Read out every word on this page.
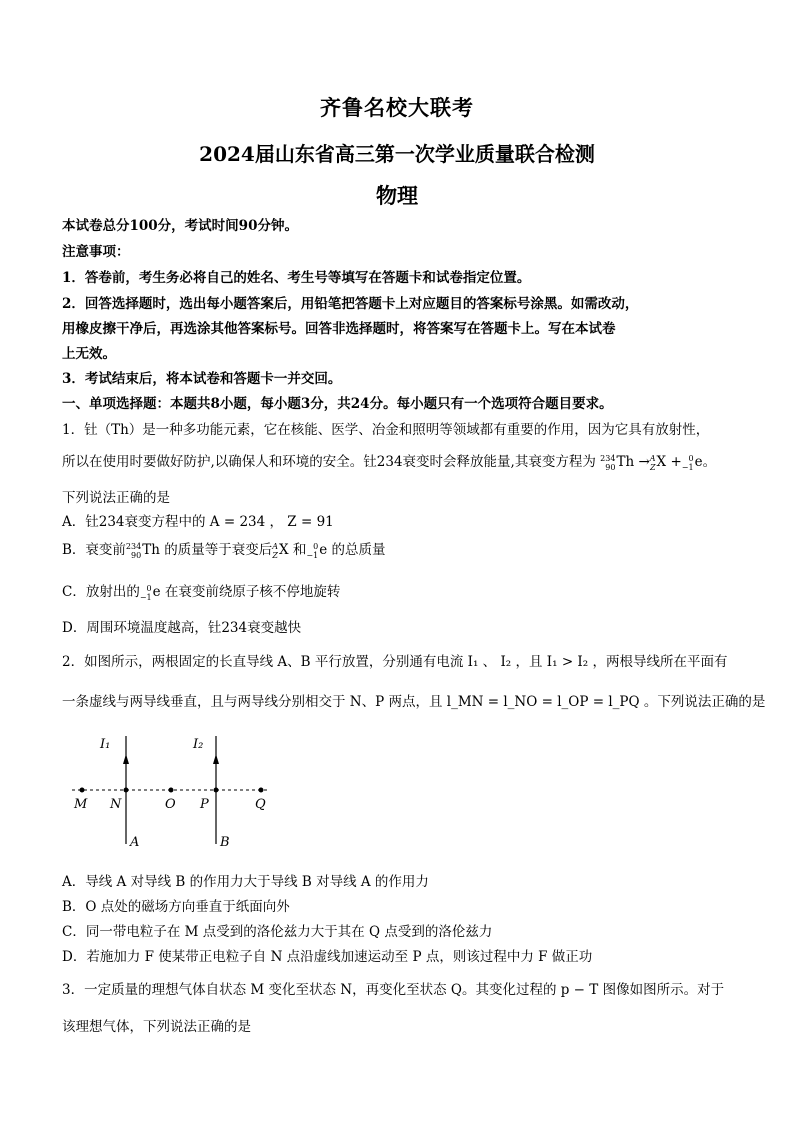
齐鲁名校大联考
2024届山东省高三第一次学业质量联合检测
物理
本试卷总分100分，考试时间90分钟。
注意事项：
1．答卷前，考生务必将自己的姓名、考生号等填写在答题卡和试卷指定位置。
2．回答选择题时，选出每小题答案后，用铅笔把答题卡上对应题目的答案标号涂黑。如需改动，
用橡皮擦干净后，再选涂其他答案标号。回答非选择题时，将答案写在答题卡上。写在本试卷
上无效。
3．考试结束后，将本试卷和答题卡一并交回。
一、单项选择题：本题共8小题，每小题3分，共24分。每小题只有一个选项符合题目要求。
1．钍（Th）是一种多功能元素，它在核能、医学、冶金和照明等领域都有重要的作用，因为它具有放射性，
所以在使用时要做好防护,以确保人和环境的安全。钍234衰变时会释放能量,其衰变方程为 234
90 Th → A
Z X + 0
−1 e。
下列说法正确的是
A．钍234衰变方程中的 A = 234 ， Z = 91
B．衰变前 234
90 Th 的质量等于衰变后 A
Z X 和 0
−1 e 的总质量
C．放射出的 0
−1 e 在衰变前绕原子核不停地旋转
D．周围环境温度越高，钍234衰变越快
2．如图所示，两根固定的长直导线 A、B 平行放置，分别通有电流 I₁ 、 I₂ ，且 I₁ > I₂ ，两根导线所在平面有
一条虚线与两导线垂直，且与两导线分别相交于 N、P 两点，且 l_MN = l_NO = l_OP = l_PQ 。下列说法正确的是
I₁	I₂
M N	O P	Q
A	B
A．导线 A 对导线 B 的作用力大于导线 B 对导线 A 的作用力
B．O 点处的磁场方向垂直于纸面向外
C．同一带电粒子在 M 点受到的洛伦兹力大于其在 Q 点受到的洛伦兹力
D．若施加力 F 使某带正电粒子自 N 点沿虚线加速运动至 P 点，则该过程中力 F 做正功
3．一定质量的理想气体自状态 M 变化至状态 N，再变化至状态 Q。其变化过程的 p − T 图像如图所示。对于
该理想气体，下列说法正确的是
